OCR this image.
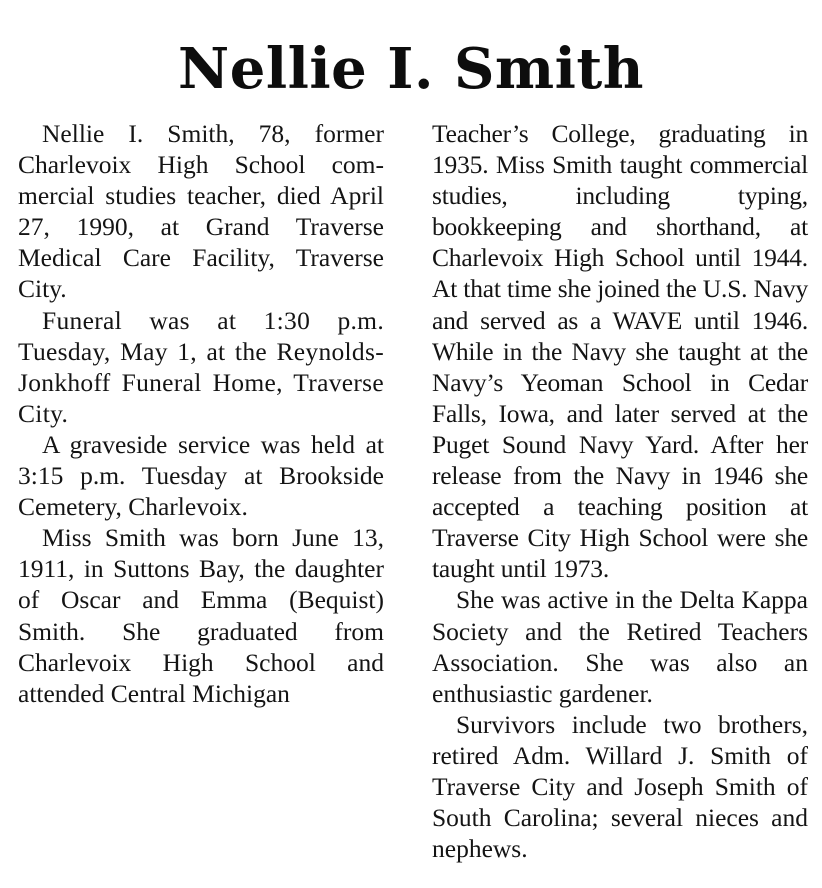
Nellie I. Smith

Nellie I. Smith, 78, former Charlevoix High School commercial studies teacher, died April 27, 1990, at Grand Traverse Medical Care Facility, Traverse City.

Funeral was at 1:30 p.m. Tuesday, May 1, at the Reynolds-Jonkhoff Funeral Home, Traverse City.

A graveside service was held at 3:15 p.m. Tuesday at Brookside Cemetery, Charlevoix.

Miss Smith was born June 13, 1911, in Suttons Bay, the daughter of Oscar and Emma (Bequist) Smith. She graduated from Charlevoix High School and attended Central Michigan

Teacher’s College, graduating in 1935. Miss Smith taught commercial studies, including typing, bookkeeping and shorthand, at Charlevoix High School until 1944. At that time she joined the U.S. Navy and served as a WAVE until 1946. While in the Navy she taught at the Navy’s Yeoman School in Cedar Falls, Iowa, and later served at the Puget Sound Navy Yard. After her release from the Navy in 1946 she accepted a teaching position at Traverse City High School were she taught until 1973.

She was active in the Delta Kappa Society and the Retired Teachers Association. She was also an enthusiastic gardener.

Survivors include two brothers, retired Adm. Willard J. Smith of Traverse City and Joseph Smith of South Carolina; several nieces and nephews.
